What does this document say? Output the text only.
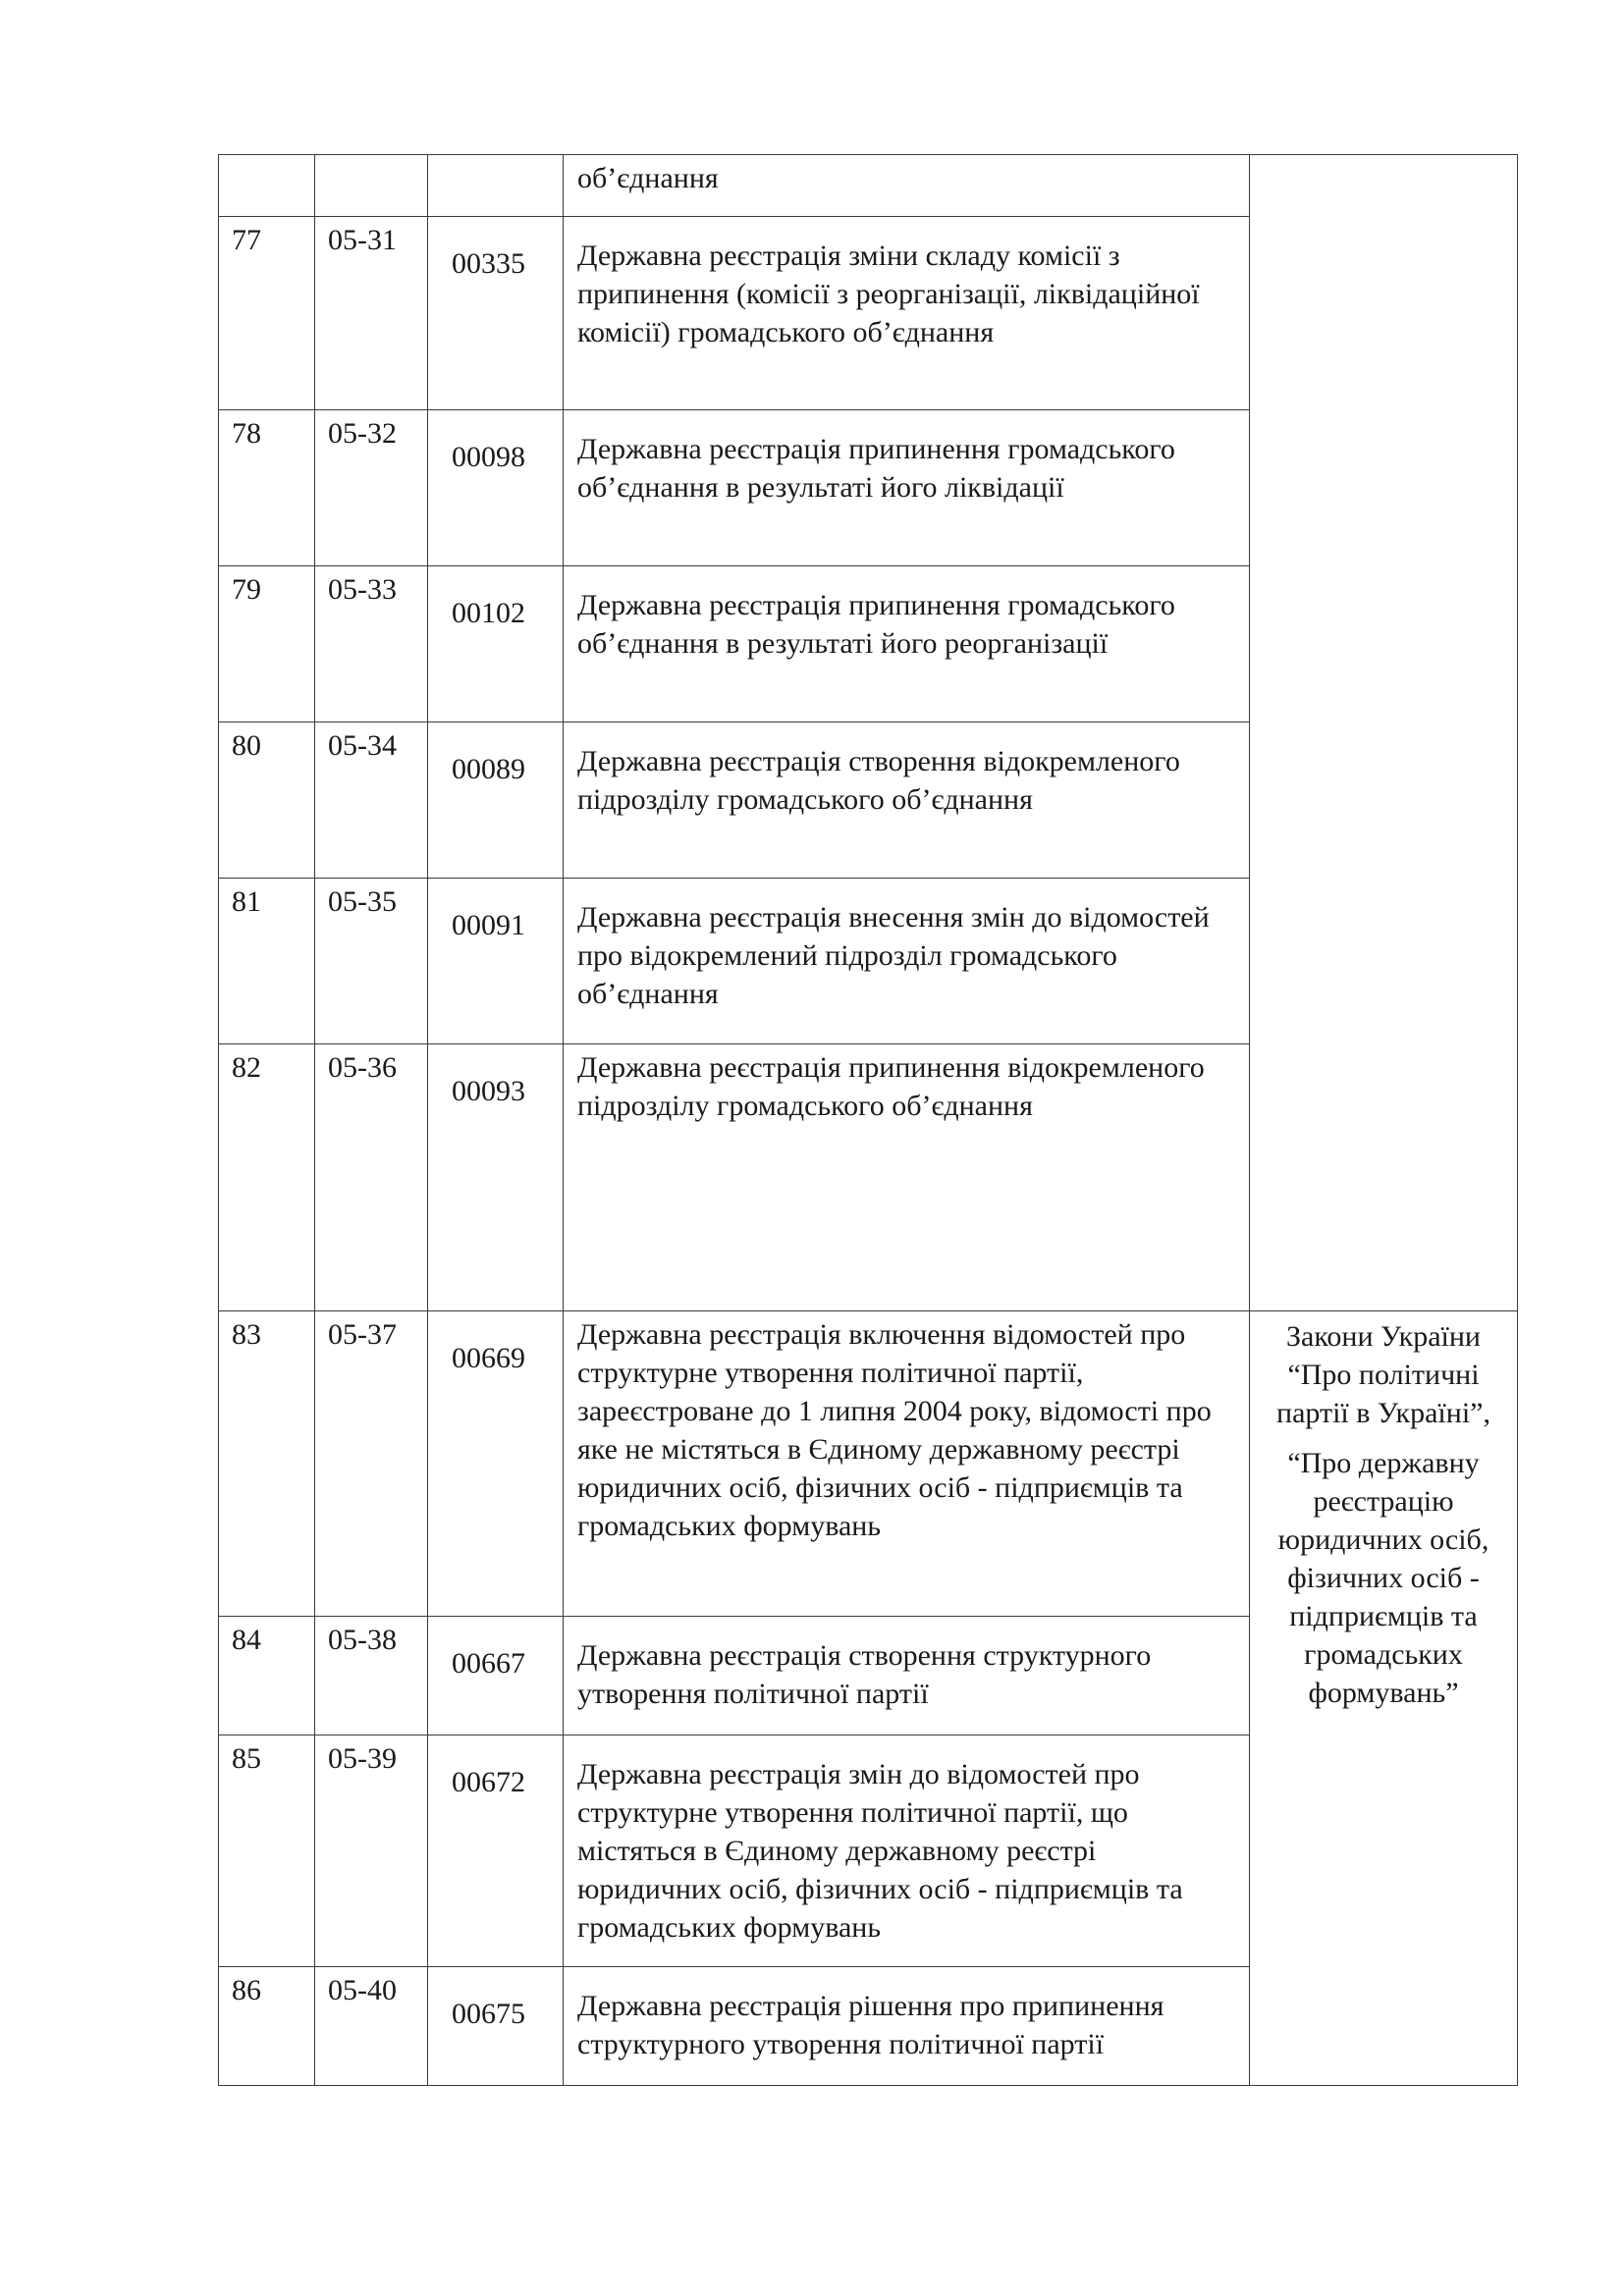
			об’єднання	
77	05-31	00335	Державна реєстрація зміни складу комісії з припинення (комісії з реорганізації, ліквідаційної комісії) громадського об’єднання	
78	05-32	00098	Державна реєстрація припинення громадського об’єднання в результаті його ліквідації	
79	05-33	00102	Державна реєстрація припинення громадського об’єднання в результаті його реорганізації	
80	05-34	00089	Державна реєстрація створення відокремленого підрозділу громадського об’єднання	
81	05-35	00091	Державна реєстрація внесення змін до відомостей про відокремлений підрозділ громадського об’єднання	
82	05-36	00093	Державна реєстрація припинення відокремленого підрозділу громадського об’єднання	
83	05-37	00669	Державна реєстрація включення відомостей про структурне утворення політичної партії, зареєстроване до 1 липня 2004 року, відомості про яке не містяться в Єдиному державному реєстрі юридичних осіб, фізичних осіб - підприємців та громадських формувань	Закони України “Про політичні партії в Україні”,
“Про державну реєстрацію юридичних осіб, фізичних осіб - підприємців та громадських формувань”

84	05-38	00667	Державна реєстрація створення структурного утворення політичної партії	
85	05-39	00672	Державна реєстрація змін до відомостей про структурне утворення політичної партії, що містяться в Єдиному державному реєстрі юридичних осіб, фізичних осіб - підприємців та громадських формувань	
86	05-40	00675	Державна реєстрація рішення про припинення структурного утворення політичної партії	
